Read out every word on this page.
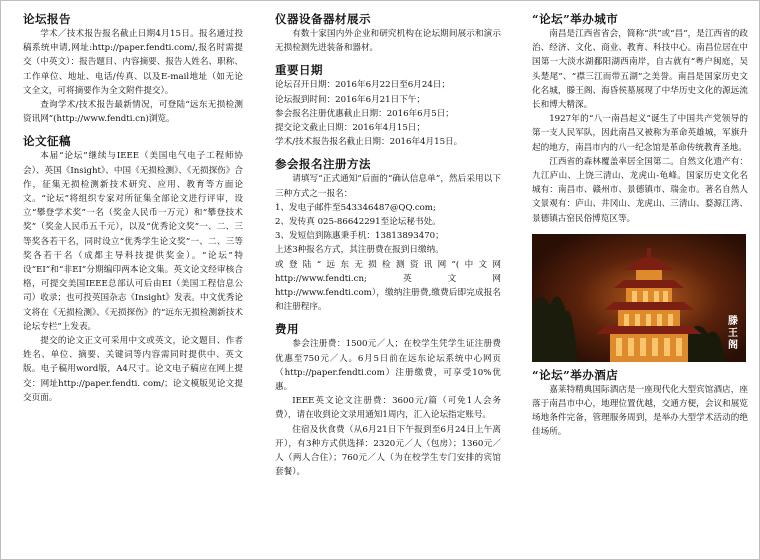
论坛报告

学术／技术报告报名截止日期4月15日。报名通过投稿系统申请,网址:http://paper.fendti.com/,报名时需提交（中英文）：报告题目、内容摘要、报告人姓名、职称、工作单位、地址、电话/传真、以及E-mail地址（如无论文全文，可将摘要作为全文附件提交）。

查询学术/技术报告最新情况，可登陆“远东无损检测资讯网”(http://www.fendti.cn)浏览。

论文征稿

本届“论坛”继续与IEEE（美国电气电子工程师协会）、英国《Insight》、中国《无损检测》、《无损探伤》合作，征集无损检测新技术研究、应用、教育等方面论文。“论坛”将组织专家对所征集全部论文进行评审，设立“攀登学术奖”一名（奖金人民币一万元）和“攀登技术奖”（奖金人民币五千元），以及“优秀论文奖”一、二、三等奖各若干名，同时设立“优秀学生论文奖”一、二、三等奖各若干名（成都主导科技提供奖金）。“论坛”特设“EI”和“非EI”分期编印两本论文集。英文论文经审核合格，可提交美国IEEE总部认可后由EI（美国工程信息公司）收录；也可投英国杂志《Insight》发表。中文优秀论文将在《无损检测》、《无损探伤》的“远东无损检测新技术论坛专栏”上发表。

提交的论文正文可采用中文或英文，论文题目、作者姓名、单位、摘要、关键词等内容需同时提供中、英文版。电子稿用word版，A4尺寸。论文电子稿应在网上提交：网址http://paper.fendti. com/；论文模版见论文提交页面。

仪器设备器材展示

有数十家国内外企业和研究机构在论坛期间展示和演示无损检测先进装备和器材。

重要日期

论坛召开日期：2016年6月22日至6月24日；

论坛报到时间：2016年6月21日下午；

参会报名注册优惠截止日期：2016年6月5日；

提交论文截止日期：2016年4月15日；

学术/技术报告报名截止日期：2016年4月15日。

参会报名注册方法

请填写“正式通知”后面的“确认信息单”，然后采用以下三种方式之一报名：

1、发电子邮件至543346487@QQ.com;

2、发传真 025-86642291至论坛秘书处。

3、发短信到陈惠秉手机：13813893470；

上述3种报名方式，其注册费在报到日缴纳。

或登陆“远东无损检测资讯网”(中文网 http://www.fendti.cn;英文网http://www.fendti.com），缴纳注册费,缴费后即完成报名和注册程序。

费用

参会注册费：1500元／人；在校学生凭学生证注册费优惠至750元／人。6月5日前在远东论坛系统中心网页（http://paper.fendti.com）注册缴费，可享受10%优惠。

IEEE英文论文注册费：3600元/篇（可免1人会务费），请在收到论文录用通知1周内，汇入论坛指定账号。

住宿及伙食费（从6月21日下午报到至6月24日上午离开），有3种方式供选择：2320元／人（包房）；1360元／人（两人合住）；760元／人（为在校学生专门安排的宾馆套餐）。

“论坛”举办城市

南昌是江西省省会，简称“洪”或“昌”，是江西省的政治、经济、文化、商业、教育、科技中心。南昌位居在中国第一大淡水湖鄱阳湖西南岸，自古就有“粤户闽庭，吴头楚尾”、“襟三江而带五湖”之美誉。南昌是国家历史文化名城，滕王阁、海昏侯墓展现了中华历史文化的源远流长和博大精深。

1927年的“八一南昌起义”诞生了中国共产党领导的第一支人民军队，因此南昌又被称为革命英雄城，军旗升起的地方，南昌市内的八一纪念馆是革命传统教育圣地。

江西省的森林覆盖率居全国第二。自然文化遗产有：九江庐山、上饶三清山、龙虎山-龟峰。国家历史文化名城有：南昌市、赣州市、景德镇市、瑞金市。著名自然人文景观有：庐山、井冈山、龙虎山、三清山、婺源江湾、景德镇古窑民俗博览区等。

滕王阁
“论坛”举办酒店

嘉莱特精典国际酒店是一座现代化大型宾馆酒店，座落于南昌市中心，地理位置优越，交通方便，会议和展览场地条件完备，管理服务周到，是举办大型学术活动的绝佳场所。
